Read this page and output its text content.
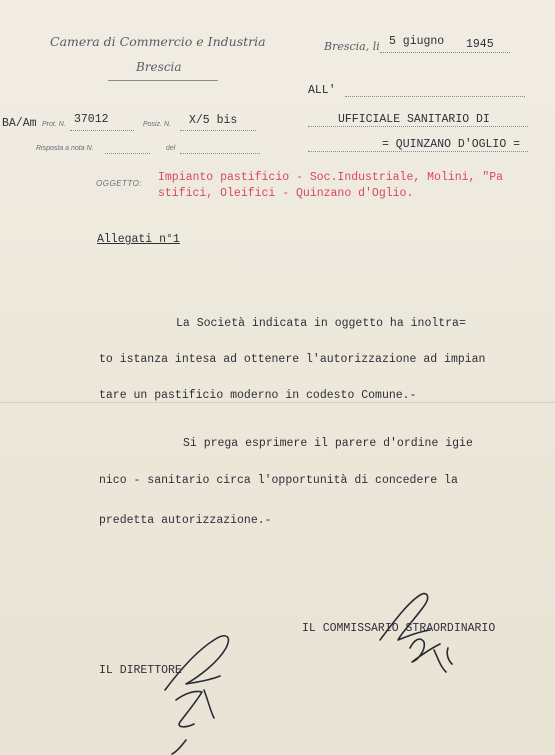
Camera di Commercio e Industria
Brescia
Brescia, li 5 giugno 1945
ALL'
UFFICIALE SANITARIO DI
= QUINZANO D'OGLIO =
BA/Am Prot. N. 37012	Posiz. N. X/5 bis
Risposta a nota N.	del
OGGETTO: Impianto pastificio - Soc.Industriale, Molini, "Pa
stifici, Oleifici - Quinzano d'Oglio.
Allegati n°1
La Società indicata in oggetto ha inoltra=
to istanza intesa ad ottenere l'autorizzazione ad impian
tare un pastificio moderno in codesto Comune.-
Si prega esprimere il parere d'ordine igie
nico - sanitario circa l'opportunità di concedere la
predetta autorizzazione.-
IL COMMISSARIO STRAORDINARIO
IL DIRETTORE
